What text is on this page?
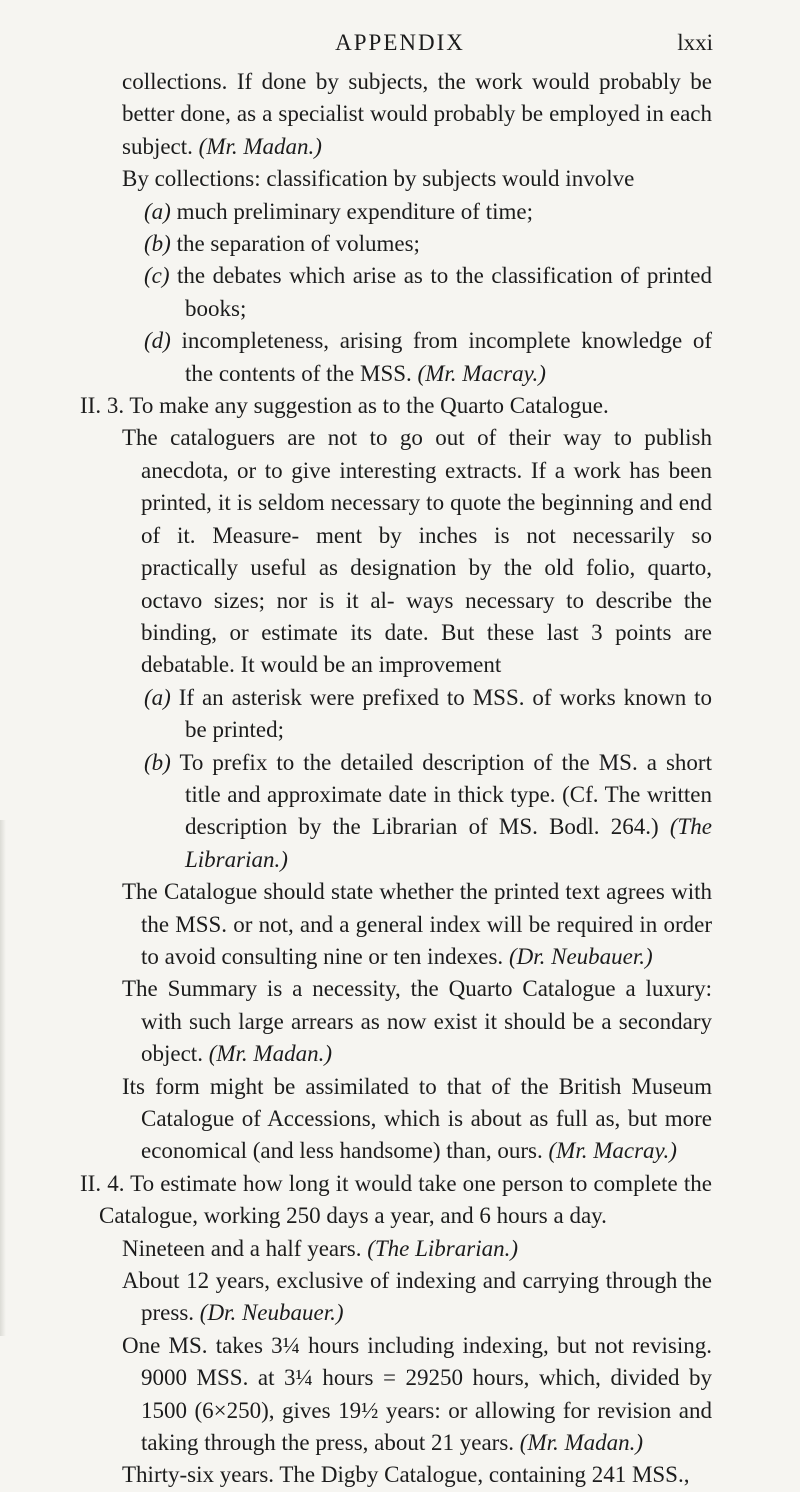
APPENDIX	lxxi

collections. If done by subjects, the work would probably be better done, as a specialist would probably be employed in each subject. (Mr. Madan.)

By collections: classification by subjects would involve

(a) much preliminary expenditure of time;

(b) the separation of volumes;

(c) the debates which arise as to the classification of printed books;

(d) incompleteness, arising from incomplete knowledge of the contents of the MSS. (Mr. Macray.)

II. 3. To make any suggestion as to the Quarto Catalogue.

The cataloguers are not to go out of their way to publish anecdota, or to give interesting extracts. If a work has been printed, it is seldom necessary to quote the beginning and end of it. Measure- ment by inches is not necessarily so practically useful as designation by the old folio, quarto, octavo sizes; nor is it al- ways necessary to describe the binding, or estimate its date. But these last 3 points are debatable. It would be an improvement

(a) If an asterisk were prefixed to MSS. of works known to be printed;

(b) To prefix to the detailed description of the MS. a short title and approximate date in thick type. (Cf. The written description by the Librarian of MS. Bodl. 264.) (The Librarian.)

The Catalogue should state whether the printed text agrees with the MSS. or not, and a general index will be required in order to avoid consulting nine or ten indexes. (Dr. Neubauer.)

The Summary is a necessity, the Quarto Catalogue a luxury: with such large arrears as now exist it should be a secondary object. (Mr. Madan.)

Its form might be assimilated to that of the British Museum Catalogue of Accessions, which is about as full as, but more economical (and less handsome) than, ours. (Mr. Macray.)

II. 4. To estimate how long it would take one person to complete the Catalogue, working 250 days a year, and 6 hours a day.

Nineteen and a half years. (The Librarian.)

About 12 years, exclusive of indexing and carrying through the press. (Dr. Neubauer.)

One MS. takes 3¼ hours including indexing, but not revising. 9000 MSS. at 3¼ hours = 29250 hours, which, divided by 1500 (6×250), gives 19½ years: or allowing for revision and taking through the press, about 21 years. (Mr. Madan.)

Thirty-six years. The Digby Catalogue, containing 241 MSS.,
